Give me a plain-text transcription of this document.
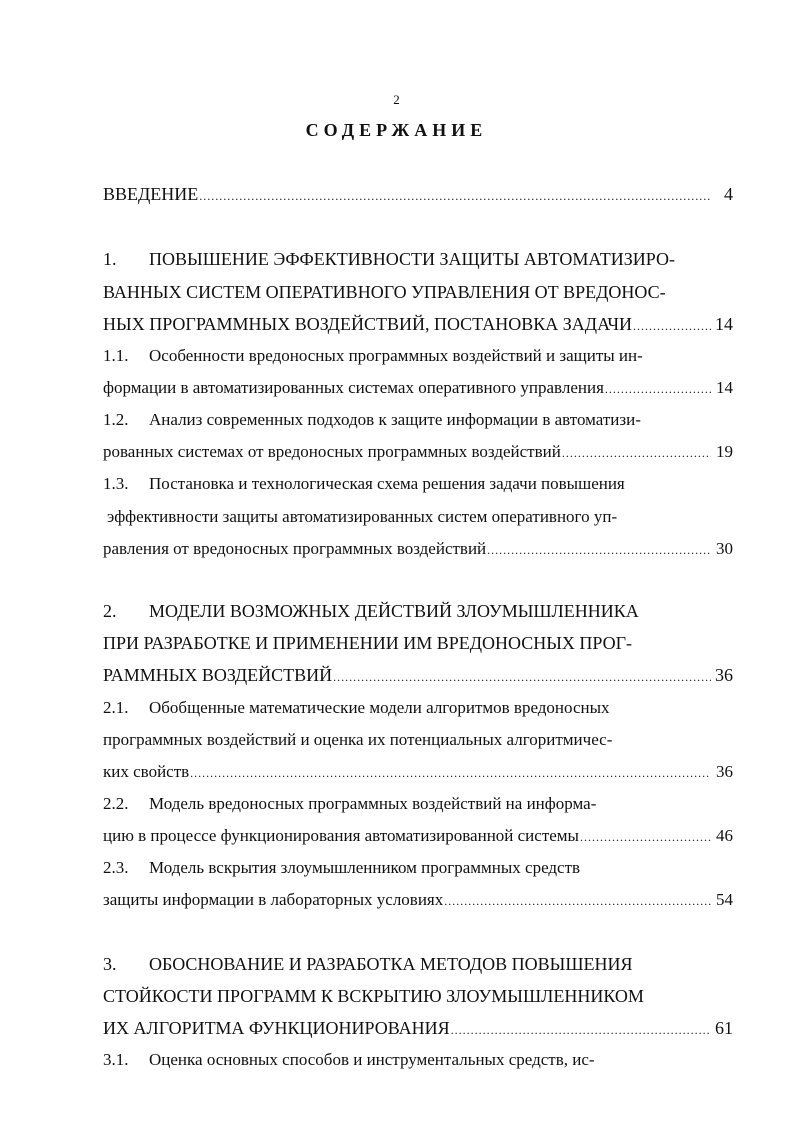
2
СОДЕРЖАНИЕ
ВВЕДЕНИЕ .....	4
1.	ПОВЫШЕНИЕ ЭФФЕКТИВНОСТИ ЗАЩИТЫ АВТОМАТИЗИРО-
ВАННЫХ СИСТЕМ ОПЕРАТИВНОГО УПРАВЛЕНИЯ ОТ ВРЕДОНОС-
НЫХ ПРОГРАММНЫХ ВОЗДЕЙСТВИЙ, ПОСТАНОВКА ЗАДАЧИ .....	14
1.1.	Особенности вредоносных программных воздействий и защиты ин-
формации в автоматизированных системах оперативного управления .....	14
1.2.	Анализ современных подходов к защите информации в автоматизи-
рованных системах от вредоносных программных воздействий .....	19
1.3.	Постановка и технологическая схема решения задачи повышения
эффективности защиты автоматизированных систем оперативного уп-
равления от вредоносных программных воздействий .....	30
2.	МОДЕЛИ ВОЗМОЖНЫХ ДЕЙСТВИЙ ЗЛОУМЫШЛЕННИКА
ПРИ РАЗРАБОТКЕ И ПРИМЕНЕНИИ ИМ ВРЕДОНОСНЫХ ПРОГ-
РАММНЫХ ВОЗДЕЙСТВИЙ .....	36
2.1.	Обобщенные математические модели алгоритмов вредоносных
программных воздействий и оценка их потенциальных алгоритмичес-
ких свойств .....	36
2.2.	Модель вредоносных программных воздействий на информа-
цию в процессе функционирования автоматизированной системы .....	46
2.3.	Модель вскрытия злоумышленником программных средств
защиты информации в лабораторных условиях .....	54
3.	ОБОСНОВАНИЕ И РАЗРАБОТКА МЕТОДОВ ПОВЫШЕНИЯ
СТОЙКОСТИ ПРОГРАММ К ВСКРЫТИЮ ЗЛОУМЫШЛЕННИКОМ
ИХ АЛГОРИТМА ФУНКЦИОНИРОВАНИЯ .....	61
3.1.	Оценка основных способов и инструментальных средств, ис-
